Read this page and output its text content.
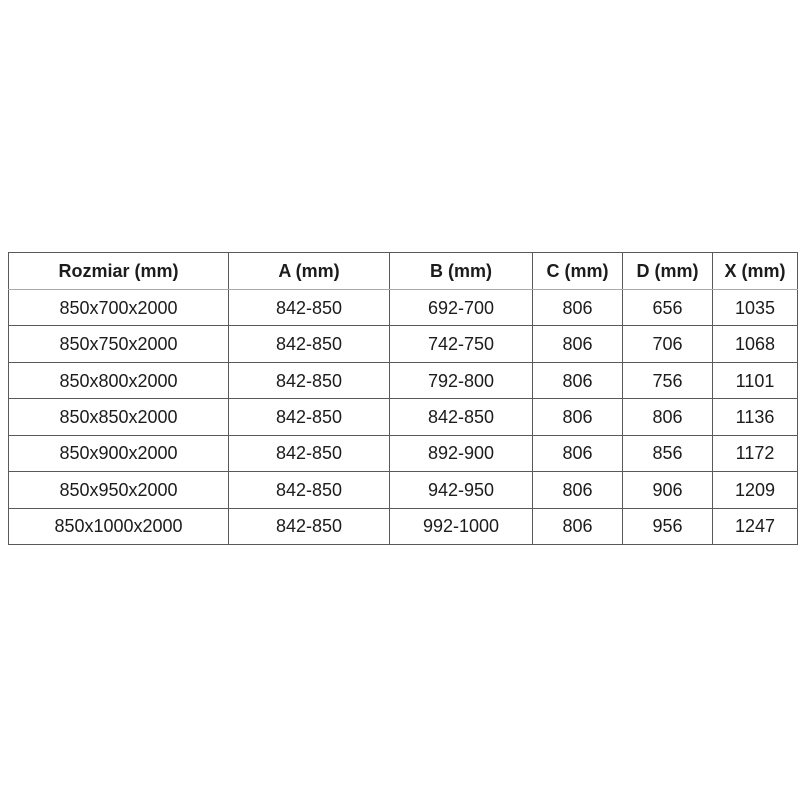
Rozmiar (mm)	A (mm)	B (mm)	C (mm)	D (mm)	X (mm)
850x700x2000	842-850	692-700	806	656	1035
850x750x2000	842-850	742-750	806	706	1068
850x800x2000	842-850	792-800	806	756	1101
850x850x2000	842-850	842-850	806	806	1136
850x900x2000	842-850	892-900	806	856	1172
850x950x2000	842-850	942-950	806	906	1209
850x1000x2000	842-850	992-1000	806	956	1247
